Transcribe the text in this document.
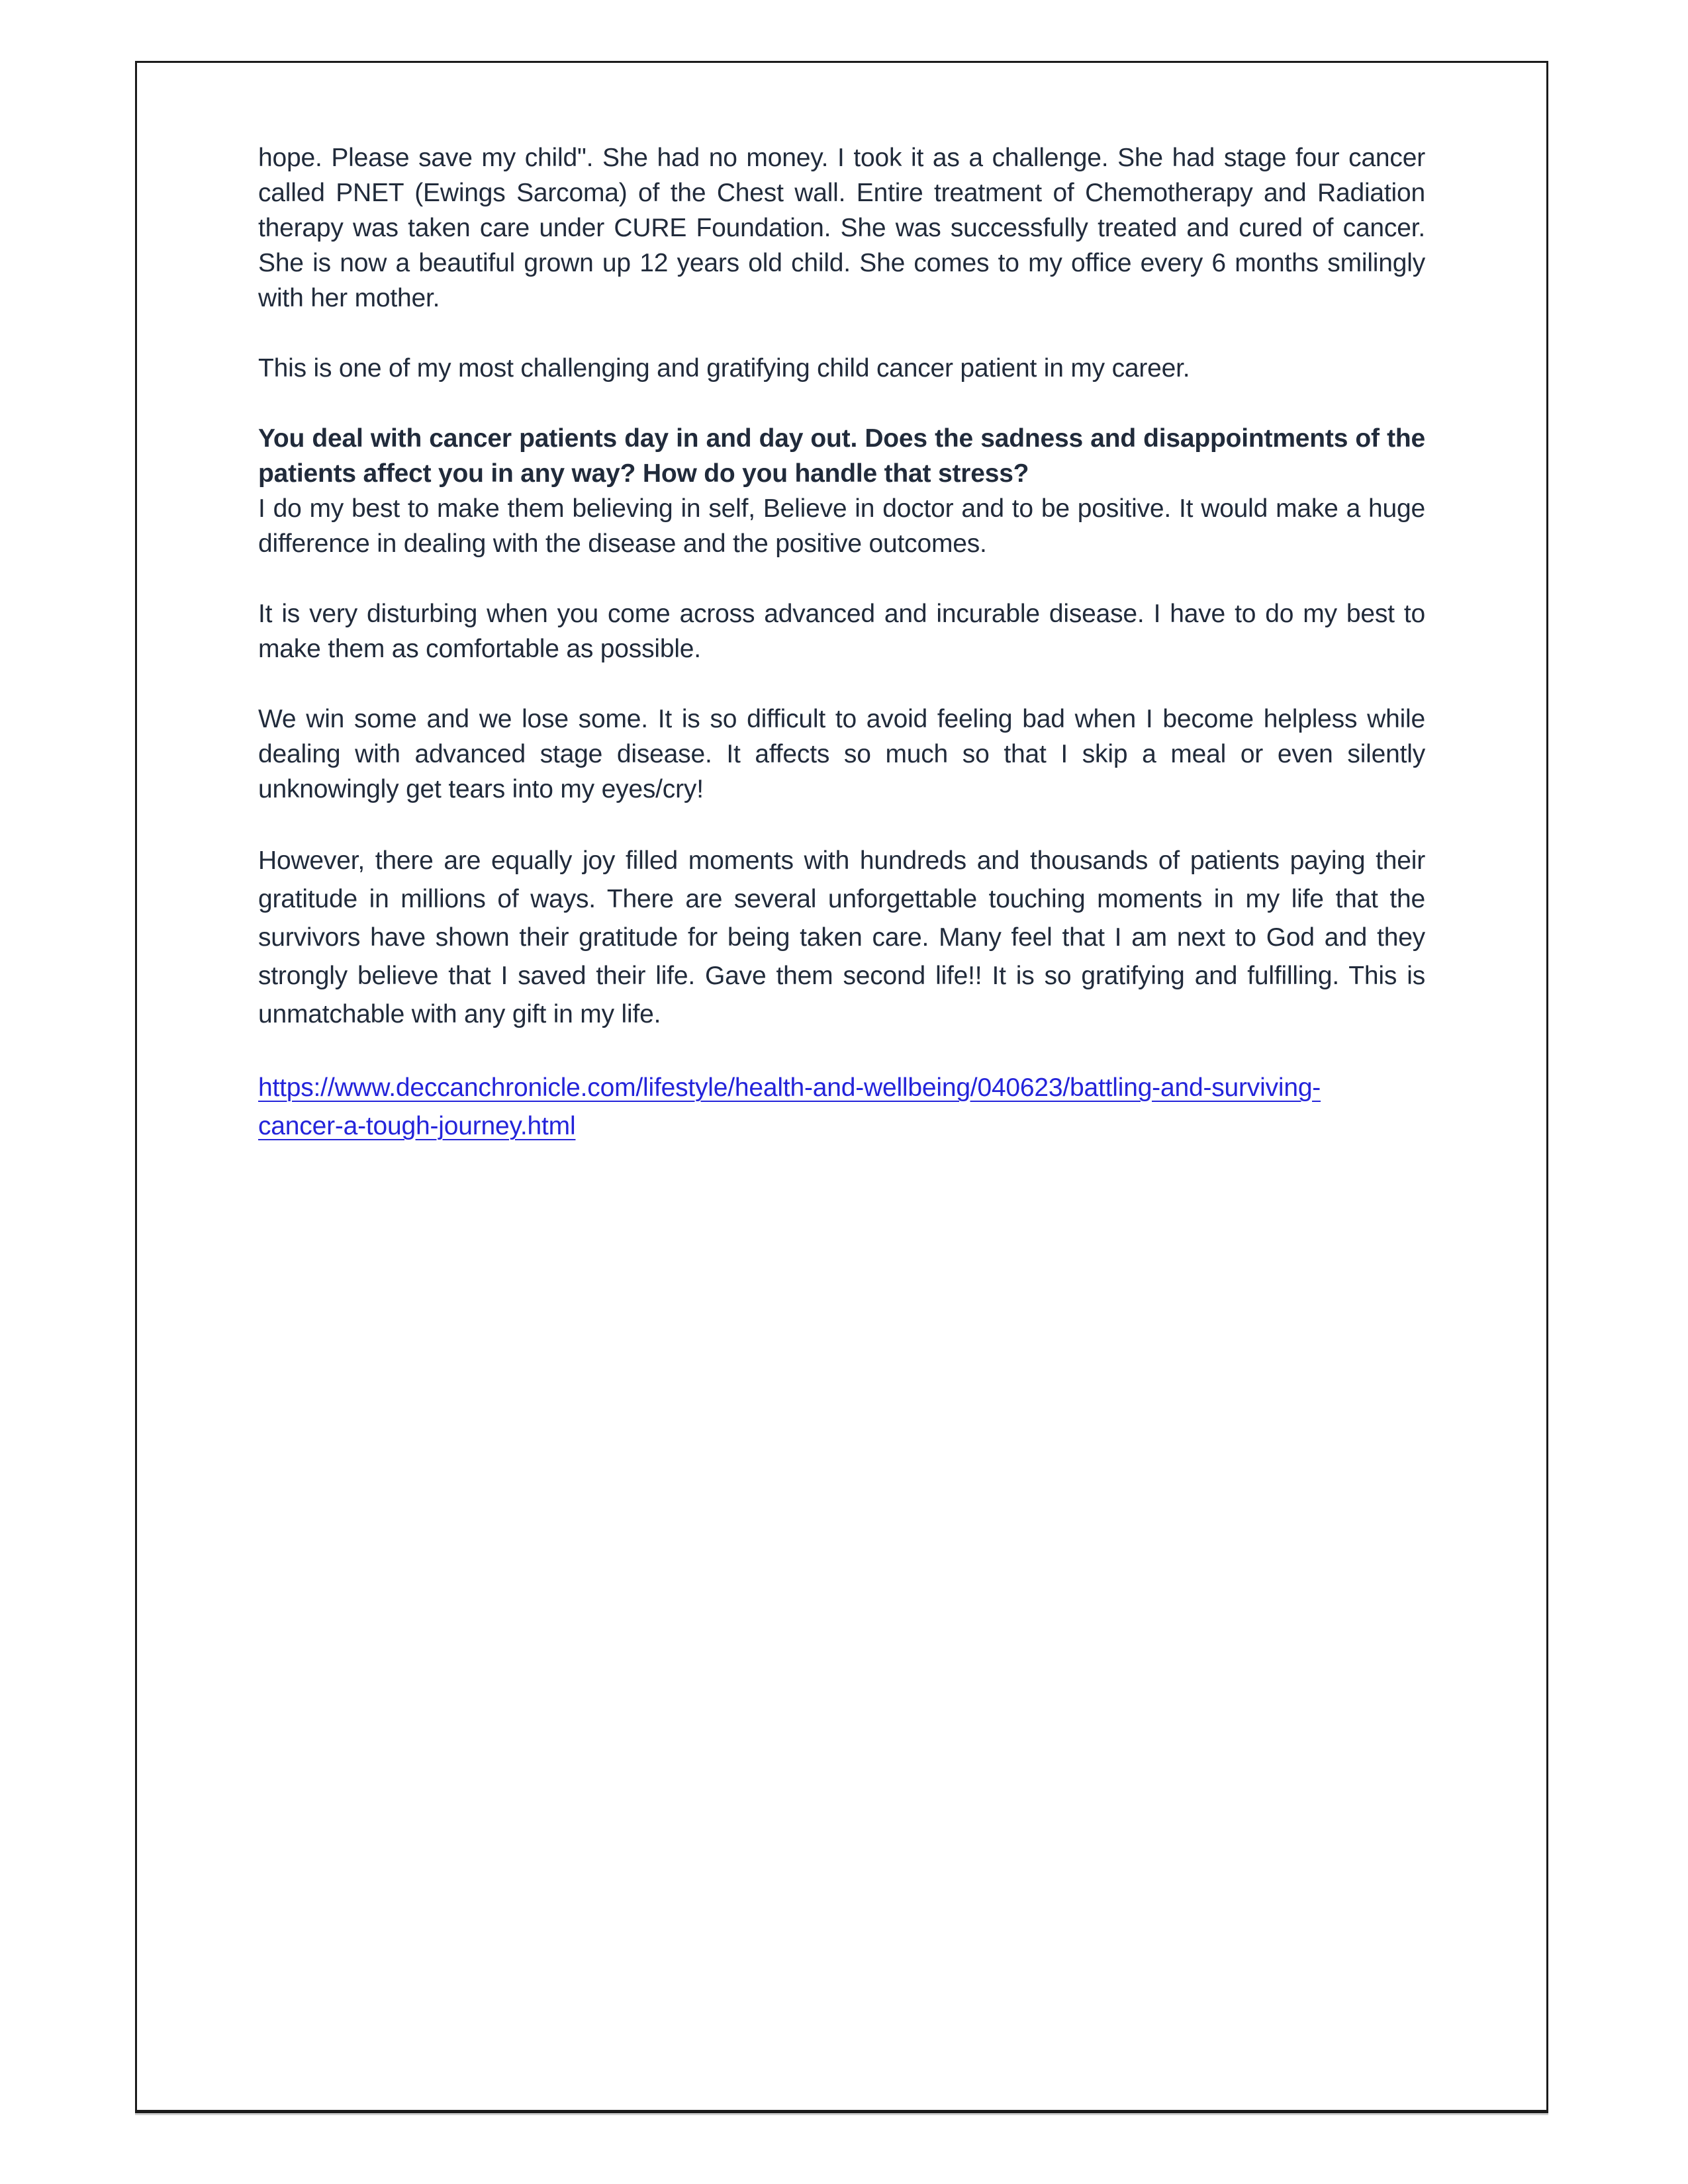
hope. Please save my child". She had no money. I took it as a challenge. She had stage four cancer called PNET (Ewings Sarcoma) of the Chest wall. Entire treatment of Chemotherapy and Radiation therapy was taken care under CURE Foundation. She was successfully treated and cured of cancer. She is now a beautiful grown up 12 years old child. She comes to my office every 6 months smilingly with her mother.

This is one of my most challenging and gratifying child cancer patient in my career.

You deal with cancer patients day in and day out. Does the sadness and disappointments of the patients affect you in any way? How do you handle that stress?

I do my best to make them believing in self, Believe in doctor and to be positive. It would make a huge difference in dealing with the disease and the positive outcomes.

It is very disturbing when you come across advanced and incurable disease. I have to do my best to make them as comfortable as possible.

We win some and we lose some. It is so difficult to avoid feeling bad when I become helpless while dealing with advanced stage disease. It affects so much so that I skip a meal or even silently unknowingly get tears into my eyes/cry!

However, there are equally joy filled moments with hundreds and thousands of patients paying their gratitude in millions of ways. There are several unforgettable touching moments in my life that the survivors have shown their gratitude for being taken care. Many feel that I am next to God and they strongly believe that I saved their life. Gave them second life!! It is so gratifying and fulfilling. This is unmatchable with any gift in my life.

https://www.deccanchronicle.com/lifestyle/health-and-wellbeing/040623/battling-and-surviving-
cancer-a-tough-journey.html
